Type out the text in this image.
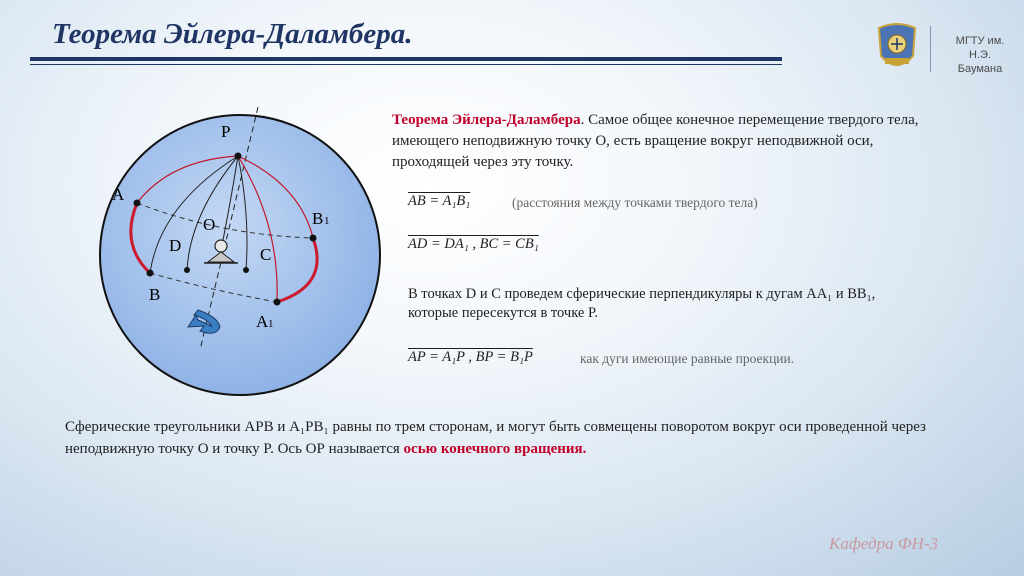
Теорема Эйлера-Даламбера.	МГТУ им.
Н.Э.
Баумана
P
A
O
D	C
B
B 1
A 1

Теорема Эйлера-Даламбера. Самое общее конечное перемещение твердого тела, имеющего неподвижную точку О, есть вращение вокруг неподвижной оси, проходящей через эту точку.

AB = A₁B₁	(расстояния между точками твердого тела)
AD = DA₁ , BC = CB₁
В точках D и С проведем сферические перпендикуляры к дугам AA₁ и BB₁, которые пересекутся в точке P.
AP = A₁P , BP = B₁P	как дуги имеющие равные проекции.

Сферические треугольники APB и A₁PB₁ равны по трем сторонам, и могут быть совмещены поворотом вокруг оси проведенной через неподвижную точку О и точку P. Ось ОР называется осью конечного вращения.

Кафедра ФН-3
